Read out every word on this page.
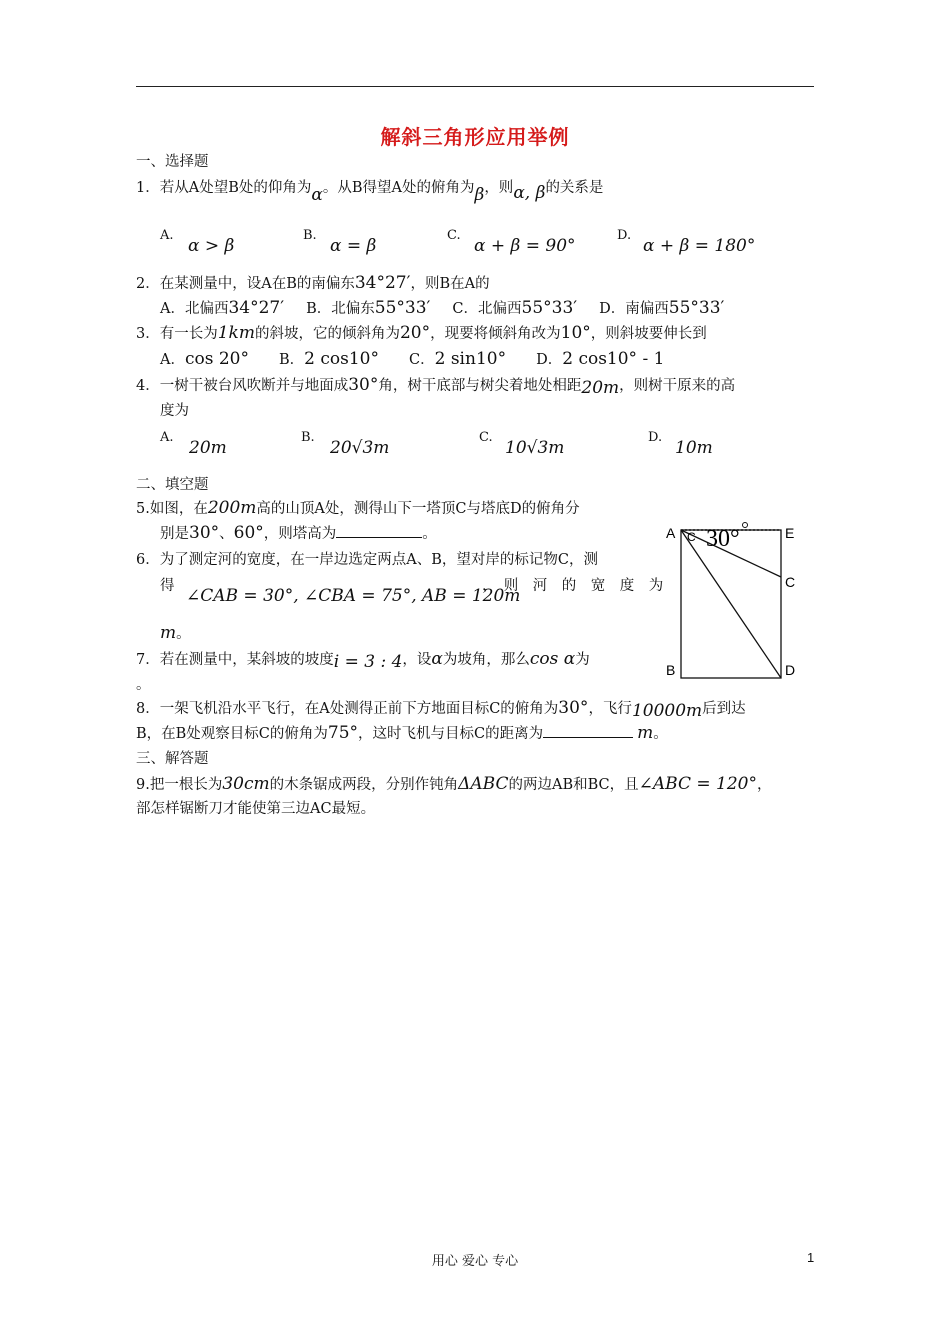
解斜三角形应用举例
一、选择题
1．若从A处望B处的仰角为α。从B得望A处的俯角为β，则α, β的关系是
A.
α > β
B.
α = β
C.
α + β = 90°
D.
α + β = 180°
2．在某测量中，设A在B的南偏东34°27′，则B在A的
A．北偏西34°27′ B．北偏东55°33′ C．北偏西55°33′ D．南偏西55°33′
3．有一长为1km的斜坡，它的倾斜角为20°，现要将倾斜角改为10°，则斜坡要伸长到
A．cos 20° B．2 cos10° C．2 sin10° D．2 cos10° - 1
4．一树干被台风吹断并与地面成30°角，树干底部与树尖着地处相距20m，则树干原来的高
度为
A.
20m
B.
20√3m
C.
10√3m
D.
10m
二、填空题
5.如图，在200m高的山顶A处，测得山下一塔顶C与塔底D的俯角分
别是30°、60°，则塔高为	。
6．为了测定河的宽度，在一岸边选定两点A、B，望对岸的标记物C，测
得 ∠CAB = 30°, ∠CBA = 75°, AB = 120m
，　则　河　的　宽　度　为
m。
7．若在测量中，某斜坡的坡度i = 3 : 4，设α为坡角，那么cos α为
。
8．一架飞机沿水平飞行，在A处测得正前下方地面目标C的俯角为30°，飞行10000m后到达
B，在B处观察目标C的俯角为75°，这时飞机与目标C的距离为	m。
三、解答题
9.把一根长为30cm的木条锯成两段，分别作钝角ΔABC的两边AB和BC，且∠ABC = 120°，
部怎样锯断刀才能使第三边AC最短。
A C 30°	E
C
B	D
用心 爱心 专心	1
